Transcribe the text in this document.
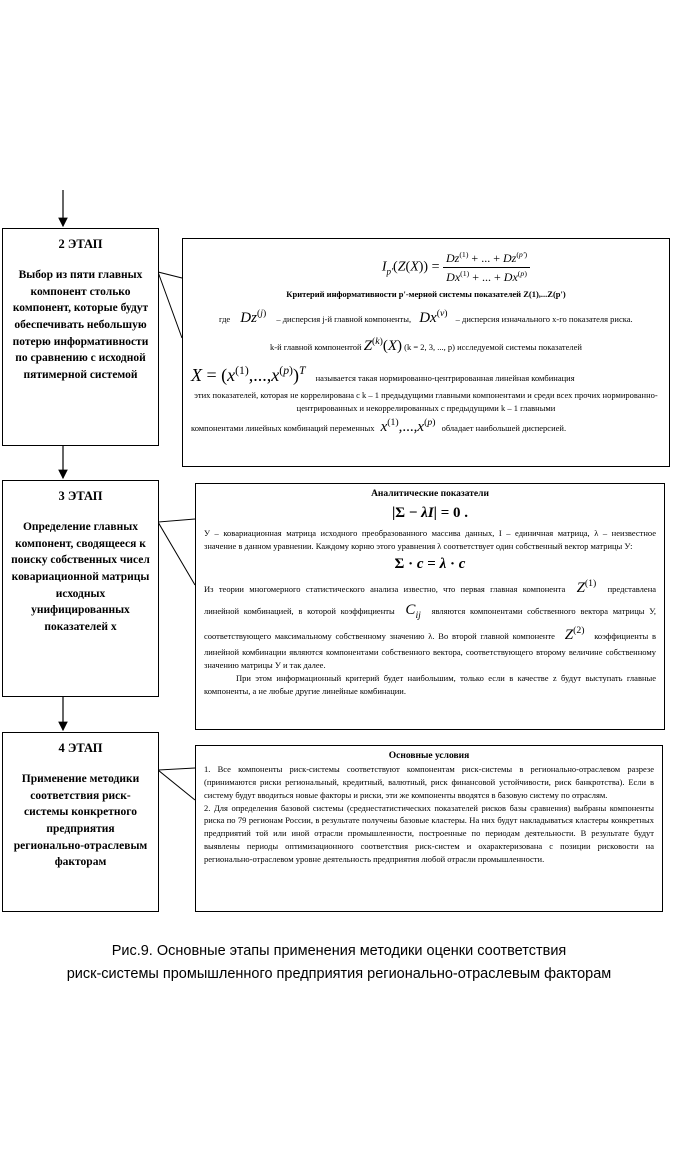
2 ЭТАП
Выбор из пяти главных компонент столько компонент, которые будут обеспечивать небольшую потерю информативности по сравнению с исходной пятимерной системой
3 ЭТАП
Определение главных компонент, сводящееся к поиску собственных чисел ковариационной матрицы исходных унифицированных показателей x
4 ЭТАП
Применение методики соответствия риск-системы конкретного предприятия регионально-отраслевым факторам
$I_{p'}(Z(X)) = \frac{Dz^{(1)} + ... + Dz^{(p')}}{Dx^{(1)} + ... + Dx^{(p)}}$
Критерий информативности p'-мерной системы показателей Z(1),...Z(p')
где Dz$^{(j)}$ – дисперсия j-й главной компоненты, Dx$^{(v)}$ – дисперсия изначального x-го показателя риска.
k-й главной компонентой $Z^{(k)}(X) (k = 2$, 3, ..., p) исследуемой системы показателей
$X = (x^{(1)},...,x^{(p)})^T$ называется такая нормированно-центрированная линейная комбинация
этих показателей, которая не коррелирована с k – 1 предыдущими главными компонентами и среди всех прочих нормированно-центрированных и некоррелированных с предыдущими k – 1 главными
компонентами линейных комбинаций переменных $x^{(1)},...,x^{(p)}$ обладает наибольшей дисперсией.
Аналитические показатели
|Σ − λI| = 0 .
У – ковариационная матрица исходного преобразованного массива данных, I – единичная матрица, λ – неизвестное значение в данном уравнении. Каждому корню этого уравнения λ соответствует один собственный вектор матрицы У:
Σ · c = λ · c
Из теории многомерного статистического анализа известно, что первая главная компонента $Z^{(1)}$ представлена линейной комбинацией, в которой коэффициенты $C_{ij}$ являются компонентами собственного вектора матрицы У, соответствующего максимальному собственному значению λ. Во второй главной компоненте $Z^{(2)}$ коэффициенты в линейной комбинации являются компонентами собственного вектора, соответствующего второму величине собственному значению матрицы У и так далее.
При этом информационный критерий будет наибольшим, только если в качестве z будут выступать главные компоненты, а не любые другие линейные комбинации.
Основные условия
1. Все компоненты риск-системы соответствуют компонентам риск-системы в регионально-отраслевом разрезе (принимаются риски региональный, кредитный, валютный, риск финансовой устойчивости, риск банкротства). Если в систему будут вводиться новые факторы и риски, эти же компоненты вводятся в базовую систему по отраслям.
2. Для определения базовой системы (среднестатистических показателей рисков базы сравнения) выбраны компоненты риска по 79 регионам России, в результате получены базовые кластеры. На них будут накладываться кластеры конкретных предприятий той или иной отрасли промышленности, построенные по периодам деятельности. В результате будут выявлены периоды оптимизационного соответствия риск-систем и охарактеризована с позиции рисковости на регионально-отраслевом уровне деятельность предприятия любой отрасли промышленности.
Рис.9. Основные этапы применения методики оценки соответствия
риск-системы промышленного предприятия регионально-отраслевым факторам
